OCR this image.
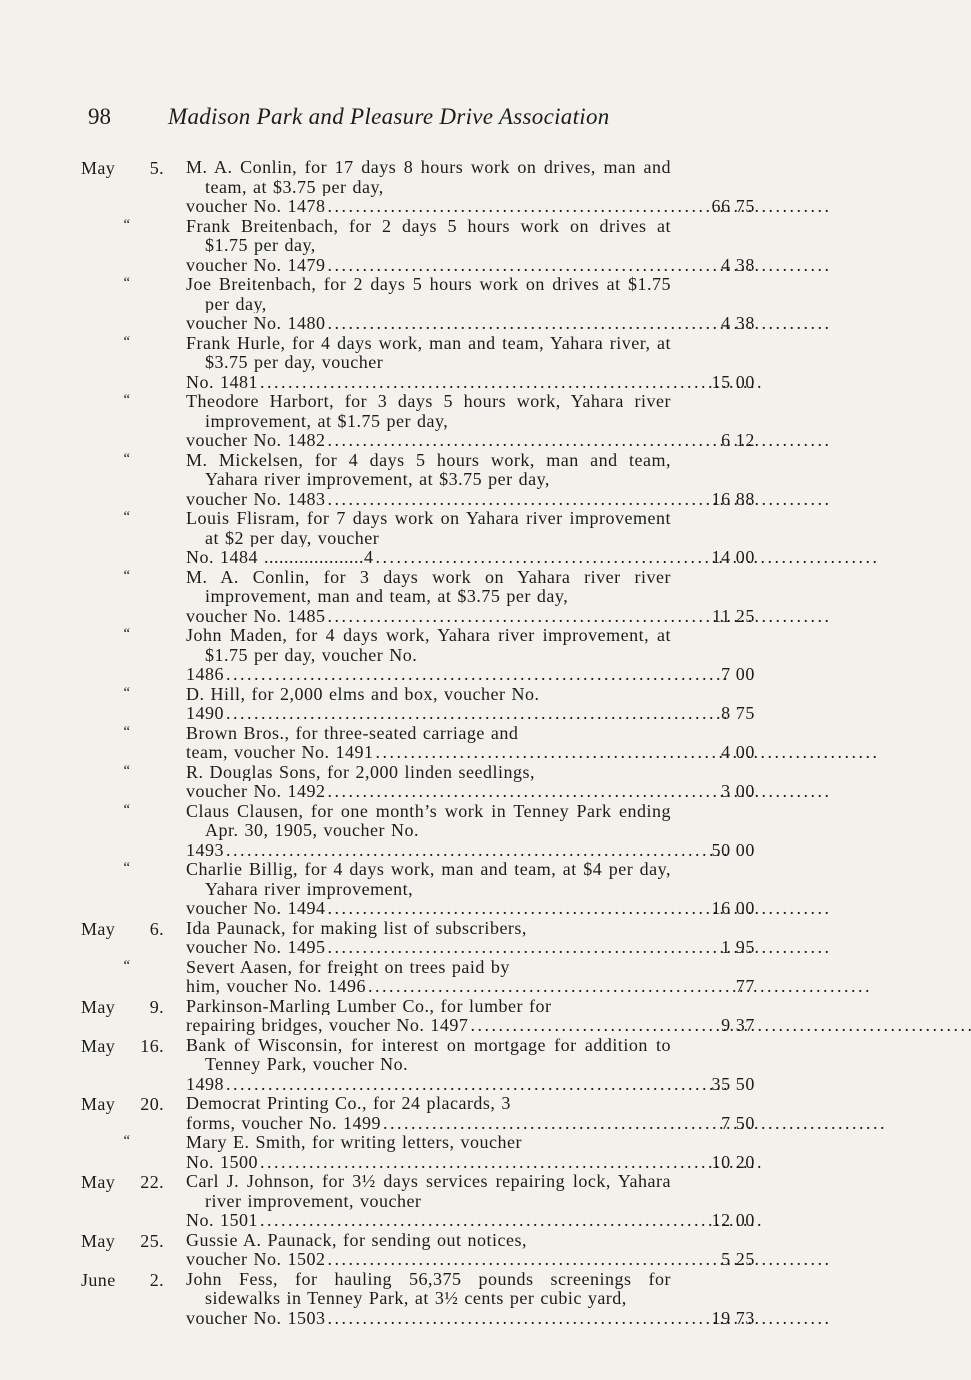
98 Madison Park and Pleasure Drive Association
May 5. M. A. Conlin, for 17 days 8 hours work on drives, man and team, at $3.75 per day,
voucher No. 1478 . . .	66 75
“	Frank Breitenbach, for 2 days 5 hours work on drives at $1.75 per day,
voucher No. 1479 . . .	4 38
“	Joe Breitenbach, for 2 days 5 hours work on drives at $1.75 per day,
voucher No. 1480 . . .	4 38
“	Frank Hurle, for 4 days work, man and team, Yahara river, at $3.75 per day, voucher
No. 1481 . . .	15 00
“	Theodore Harbort, for 3 days 5 hours work, Yahara river improvement, at $1.75 per day,
voucher No. 1482 . . .	6 12
“	M. Mickelsen, for 4 days 5 hours work, man and team, Yahara river improvement, at $3.75 per day,
voucher No. 1483 . . .	16 88
“	Louis Flisram, for 7 days work on Yahara river improvement at $2 per day, voucher
No. 1484 ....................4 . . .	14 00
“	M. A. Conlin, for 3 days work on Yahara river river improvement, man and team, at $3.75 per day,
voucher No. 1485 . . .	11 25
“	John Maden, for 4 days work, Yahara river improvement, at $1.75 per day, voucher No.
1486 . . .	7 00
“	D. Hill, for 2,000 elms and box, voucher No.
1490 . . .	8 75
“	Brown Bros., for three-seated carriage and
team, voucher No. 1491 . . .	4 00
“	R. Douglas Sons, for 2,000 linden seedlings,
voucher No. 1492 . . .	3 00
“	Claus Clausen, for one month’s work in Tenney Park ending Apr. 30, 1905, voucher No.
1493 . . .	50 00
“	Charlie Billig, for 4 days work, man and team, at $4 per day, Yahara river improvement,
voucher No. 1494 . . .	16 00
May 6. Ida Paunack, for making list of subscribers,
voucher No. 1495 . . .	1 95
“	Severt Aasen, for freight on trees paid by
him, voucher No. 1496 . . .	77
May 9. Parkinson-Marling Lumber Co., for lumber for
repairing bridges, voucher No. 1497 . . .	9 37
May 16. Bank of Wisconsin, for interest on mortgage for addition to Tenney Park, voucher No.
1498 . . .	35 50
May 20. Democrat Printing Co., for 24 placards, 3
forms, voucher No. 1499 . . .	7 50
“	Mary E. Smith, for writing letters, voucher
No. 1500 . . .	10 20
May 22. Carl J. Johnson, for 3½ days services repairing lock, Yahara river improvement, voucher
No. 1501 . . .	12 00
May 25. Gussie A. Paunack, for sending out notices,
voucher No. 1502 . . .	5 25
June 2. John Fess, for hauling 56,375 pounds screenings for sidewalks in Tenney Park, at 3½ cents per cubic yard,
voucher No. 1503 . . .	19 73
